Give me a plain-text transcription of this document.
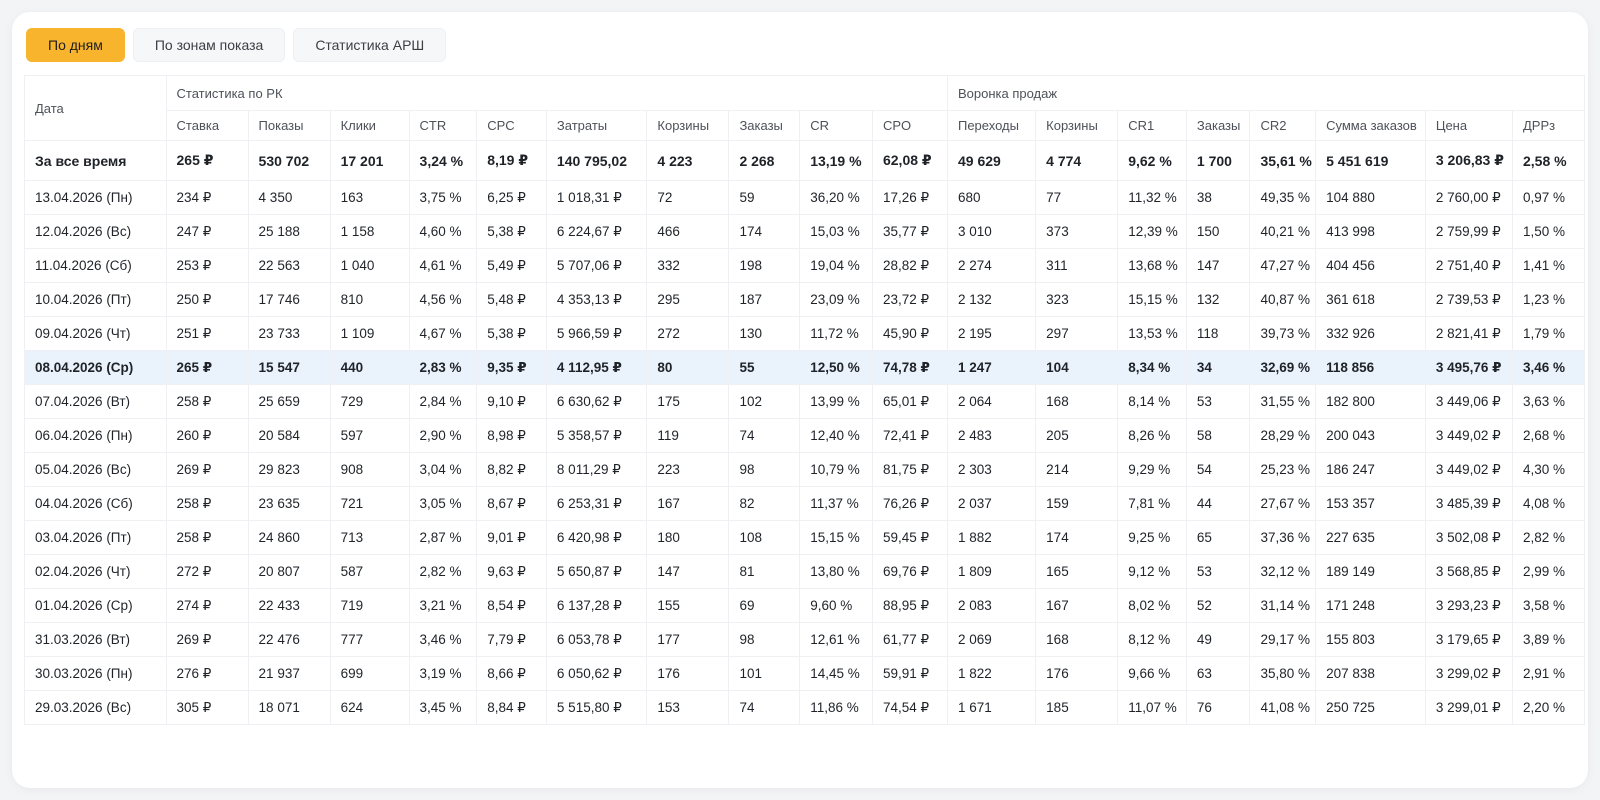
По дням	По зонам показа	Статистика АРШ
Дата	Статистика по РК										Воронка продаж							
	Ставка	Показы	Клики	CTR	CPC	Затраты	Корзины	Заказы	CR	CPO	Переходы	Корзины	CR1	Заказы	CR2	Сумма заказов	Цена	ДРРз
За все время	265 ₽	530 702	17 201	3,24 %	8,19 ₽	140 795,02	4 223	2 268	13,19 %	62,08 ₽	49 629	4 774	9,62 %	1 700	35,61 %	5 451 619	3 206,83 ₽	2,58 %
13.04.2026 (Пн)	234 ₽	4 350	163	3,75 %	6,25 ₽	1 018,31 ₽	72	59	36,20 %	17,26 ₽	680	77	11,32 %	38	49,35 %	104 880	2 760,00 ₽	0,97 %
12.04.2026 (Вс)	247 ₽	25 188	1 158	4,60 %	5,38 ₽	6 224,67 ₽	466	174	15,03 %	35,77 ₽	3 010	373	12,39 %	150	40,21 %	413 998	2 759,99 ₽	1,50 %
11.04.2026 (Сб)	253 ₽	22 563	1 040	4,61 %	5,49 ₽	5 707,06 ₽	332	198	19,04 %	28,82 ₽	2 274	311	13,68 %	147	47,27 %	404 456	2 751,40 ₽	1,41 %
10.04.2026 (Пт)	250 ₽	17 746	810	4,56 %	5,48 ₽	4 353,13 ₽	295	187	23,09 %	23,72 ₽	2 132	323	15,15 %	132	40,87 %	361 618	2 739,53 ₽	1,23 %
09.04.2026 (Чт)	251 ₽	23 733	1 109	4,67 %	5,38 ₽	5 966,59 ₽	272	130	11,72 %	45,90 ₽	2 195	297	13,53 %	118	39,73 %	332 926	2 821,41 ₽	1,79 %
08.04.2026 (Ср)	265 ₽	15 547	440	2,83 %	9,35 ₽	4 112,95 ₽	80	55	12,50 %	74,78 ₽	1 247	104	8,34 %	34	32,69 %	118 856	3 495,76 ₽	3,46 %
07.04.2026 (Вт)	258 ₽	25 659	729	2,84 %	9,10 ₽	6 630,62 ₽	175	102	13,99 %	65,01 ₽	2 064	168	8,14 %	53	31,55 %	182 800	3 449,06 ₽	3,63 %
06.04.2026 (Пн)	260 ₽	20 584	597	2,90 %	8,98 ₽	5 358,57 ₽	119	74	12,40 %	72,41 ₽	2 483	205	8,26 %	58	28,29 %	200 043	3 449,02 ₽	2,68 %
05.04.2026 (Вс)	269 ₽	29 823	908	3,04 %	8,82 ₽	8 011,29 ₽	223	98	10,79 %	81,75 ₽	2 303	214	9,29 %	54	25,23 %	186 247	3 449,02 ₽	4,30 %
04.04.2026 (Сб)	258 ₽	23 635	721	3,05 %	8,67 ₽	6 253,31 ₽	167	82	11,37 %	76,26 ₽	2 037	159	7,81 %	44	27,67 %	153 357	3 485,39 ₽	4,08 %
03.04.2026 (Пт)	258 ₽	24 860	713	2,87 %	9,01 ₽	6 420,98 ₽	180	108	15,15 %	59,45 ₽	1 882	174	9,25 %	65	37,36 %	227 635	3 502,08 ₽	2,82 %
02.04.2026 (Чт)	272 ₽	20 807	587	2,82 %	9,63 ₽	5 650,87 ₽	147	81	13,80 %	69,76 ₽	1 809	165	9,12 %	53	32,12 %	189 149	3 568,85 ₽	2,99 %
01.04.2026 (Ср)	274 ₽	22 433	719	3,21 %	8,54 ₽	6 137,28 ₽	155	69	9,60 %	88,95 ₽	2 083	167	8,02 %	52	31,14 %	171 248	3 293,23 ₽	3,58 %
31.03.2026 (Вт)	269 ₽	22 476	777	3,46 %	7,79 ₽	6 053,78 ₽	177	98	12,61 %	61,77 ₽	2 069	168	8,12 %	49	29,17 %	155 803	3 179,65 ₽	3,89 %
30.03.2026 (Пн)	276 ₽	21 937	699	3,19 %	8,66 ₽	6 050,62 ₽	176	101	14,45 %	59,91 ₽	1 822	176	9,66 %	63	35,80 %	207 838	3 299,02 ₽	2,91 %
29.03.2026 (Вс)	305 ₽	18 071	624	3,45 %	8,84 ₽	5 515,80 ₽	153	74	11,86 %	74,54 ₽	1 671	185	11,07 %	76	41,08 %	250 725	3 299,01 ₽	2,20 %
